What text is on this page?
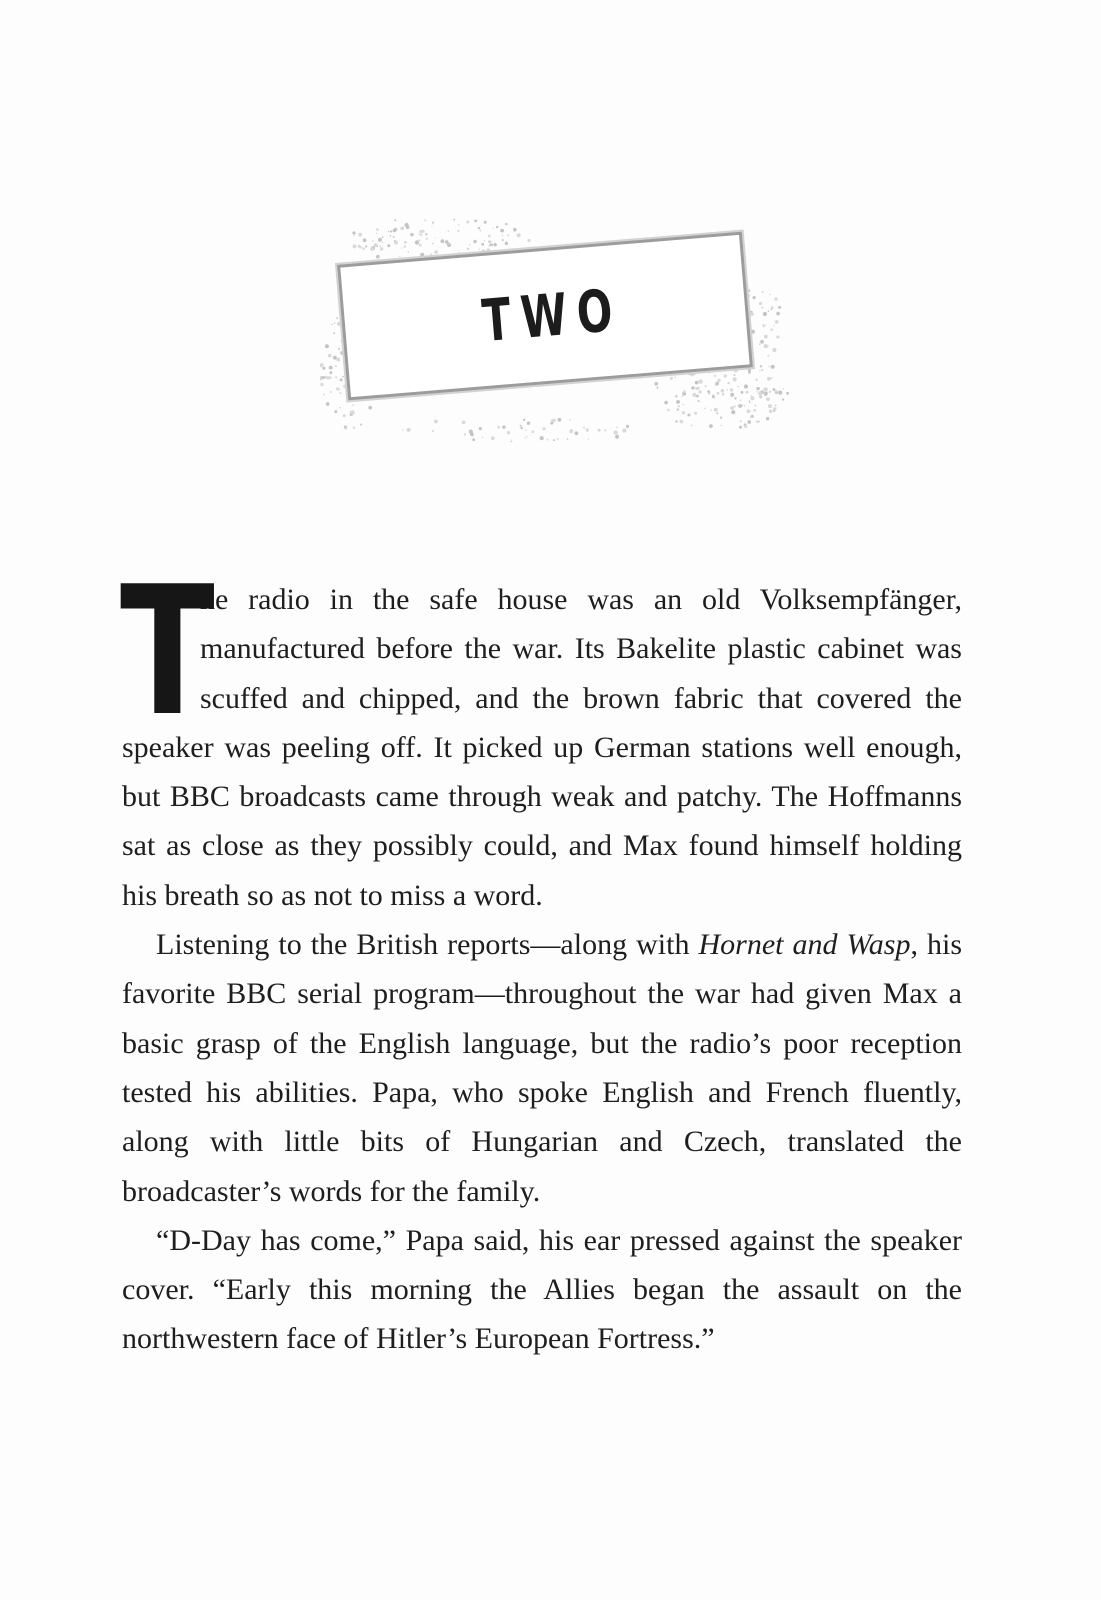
TWO

T
he radio in the safe house was an old Volksempfänger, manufactured before the war. Its Bakelite plastic cabinet was scuffed and chipped, and the brown fabric that covered the speaker was peeling off. It picked up German stations well enough, but BBC broadcasts came through weak and patchy. The Hoffmanns sat as close as they possibly could, and Max found himself holding his breath so as not to miss a word.

Listening to the British reports—along with Hornet and Wasp, his favorite BBC serial program—throughout the war had given Max a basic grasp of the English language, but the radio’s poor reception tested his abilities. Papa, who spoke English and French fluently, along with little bits of Hungarian and Czech, translated the broadcaster’s words for the family.

“D-Day has come,” Papa said, his ear pressed against the speaker cover. “Early this morning the Allies began the assault on the northwestern face of Hitler’s European Fortress.”
